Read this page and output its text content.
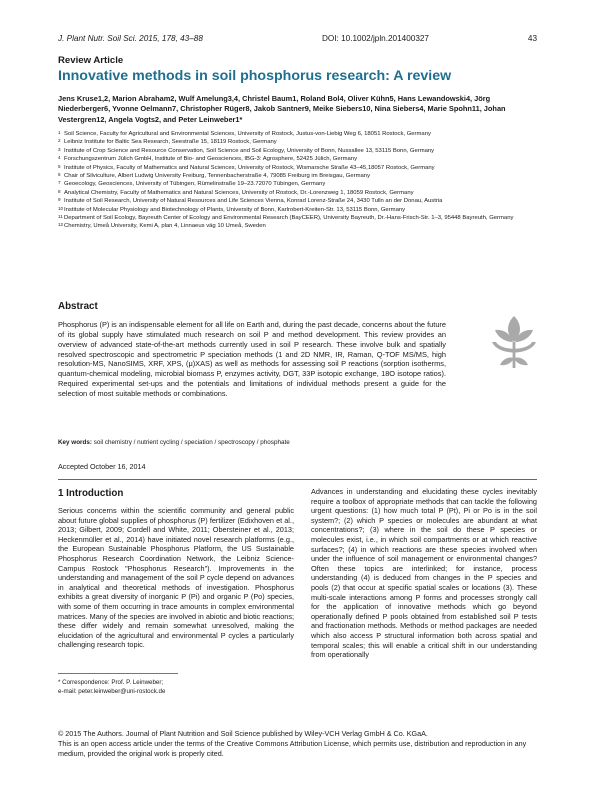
J. Plant Nutr. Soil Sci. 2015, 178, 43–88	DOI: 10.1002/jpln.201400327	43
Review Article
Innovative methods in soil phosphorus research: A review
Jens Kruse1,2, Marion Abraham2, Wulf Amelung3,4, Christel Baum1, Roland Bol4, Oliver Kühn5, Hans Lewandowski4, Jörg Niederberger6, Yvonne Oelmann7, Christopher Rüger8, Jakob Santner9, Meike Siebers10, Nina Siebers4, Marie Spohn11, Johan Vestergren12, Angela Vogts2, and Peter Leinweber1*
1 Soil Science, Faculty for Agricultural and Environmental Sciences, University of Rostock, Justus-von-Liebig Weg 6, 18051 Rostock, Germany
2 Leibniz Institute for Baltic Sea Research, Seestraße 15, 18119 Rostock, Germany
3 Institute of Crop Science and Resource Conservation, Soil Science and Soil Ecology, University of Bonn, Nussallee 13, 53115 Bonn, Germany
4 Forschungszentrum Jülich GmbH, Institute of Bio- and Geosciences, IBG-3: Agrosphere, 52425 Jülich, Germany
5 Institute of Physics, Faculty of Mathematics and Natural Sciences, University of Rostock, Wismarsche Straße 43–45,18057 Rostock, Germany
6 Chair of Silviculture, Albert Ludwig University Freiburg, Tennenbacherstraße 4, 79085 Freiburg im Breisgau, Germany
7 Geoecology, Geosciences, University of Tübingen, Rümelinstraße 19–23.72070 Tübingen, Germany
8 Analytical Chemistry, Faculty of Mathematics and Natural Sciences, University of Rostock, Dr.-Lorenzweg 1, 18059 Rostock, Germany
9 Institute of Soil Research, University of Natural Resources and Life Sciences Vienna, Konrad Lorenz-Straße 24, 3430 Tulln an der Donau, Austria
10 Institute of Molecular Physiology and Biotechnology of Plants, University of Bonn, Karlrobert-Kreiten-Str. 13, 53115 Bonn, Germany
11 Department of Soil Ecology, Bayreuth Center of Ecology and Environmental Research (BayCEER), University Bayreuth, Dr.-Hans-Frisch-Str. 1–3, 95448 Bayreuth, Germany
12 Chemistry, Umeå University, Kemi A, plan 4, Linnaeus väg 10 Umeå, Sweden
Abstract
Phosphorus (P) is an indispensable element for all life on Earth and, during the past decade, concerns about the future of its global supply have stimulated much research on soil P and method development. This review provides an overview of advanced state-of-the-art methods currently used in soil P research. These involve bulk and spatially resolved spectroscopic and spectrometric P speciation methods (1 and 2D NMR, IR, Raman, Q-TOF MS/MS, high resolution-MS, NanoSIMS, XRF, XPS, (μ)XAS) as well as methods for assessing soil P reactions (sorption isotherms, quantum-chemical modeling, microbial biomass P, enzymes activity, DGT, 33P isotopic exchange, 18O isotope ratios). Required experimental set-ups and the potentials and limitations of individual methods present a guide for the selection of most suitable methods or combinations.
Key words: soil chemistry / nutrient cycling / speciation / spectroscopy / phosphate
Accepted October 16, 2014
1 Introduction
Serious concerns within the scientific community and general public about future global supplies of phosphorus (P) fertilizer (Edixhoven et al., 2013; Gilbert, 2009; Cordell and White, 2011; Obersteiner et al., 2013; Heckenmüller et al., 2014) have initiated novel research platforms (e.g., the European Sustainable Phosphorus Platform, the US Sustainable Phosphorus Research Coordination Network, the Leibniz Science-Campus Rostock "Phosphorus Research"). Improvements in the understanding and management of the soil P cycle depend on advances in analytical and theoretical methods of investigation. Phosphorus exhibits a great diversity of inorganic P (Pi) and organic P (Po) species, with some of them occurring in trace amounts in complex environmental matrices. Many of the species are involved in abiotic and biotic reactions; these differ widely and remain somewhat unresolved, making the elucidation of the agricultural and environmental P cycles a particularly challenging research topic.
Advances in understanding and elucidating these cycles inevitably require a toolbox of appropriate methods that can tackle the following urgent questions: (1) how much total P (Pt), Pi or Po is in the soil system?; (2) which P species or molecules are abundant at what concentrations?; (3) where in the soil do these P species or molecules exist, i.e., in which soil compartments or at which reactive surfaces?; (4) in which reactions are these species involved when under the influence of soil management or environmental changes? Often these topics are interlinked; for instance, process understanding (4) is deduced from changes in the P species and pools (2) that occur at specific spatial scales or locations (3). These multi-scale interactions among P forms and processes strongly call for the application of innovative methods which go beyond operationally defined P pools obtained from established soil P tests and fractionation methods. Methods or method packages are needed which also access P structural information both across spatial and temporal scales; this will enable a critical shift in our understanding from operationally
* Correspondence: Prof. P. Leinweber;
e-mail: peter.leinweber@uni-rostock.de
© 2015 The Authors. Journal of Plant Nutrition and Soil Science published by Wiley-VCH Verlag GmbH & Co. KGaA.
This is an open access article under the terms of the Creative Commons Attribution License, which permits use, distribution and reproduction in any medium, provided the original work is properly cited.
